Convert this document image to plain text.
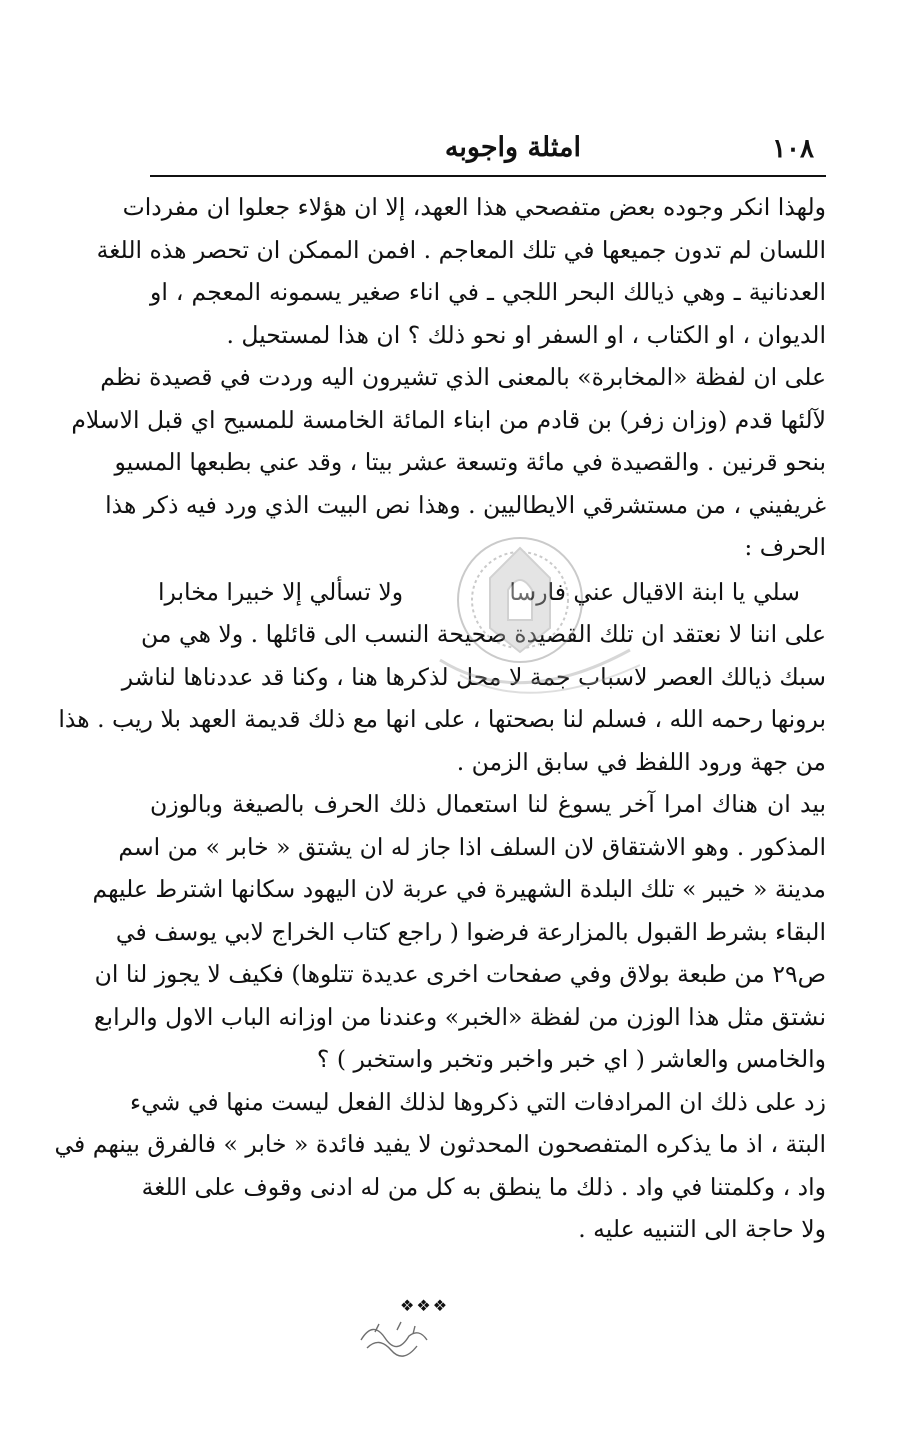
١٠٨
امثلة واجوبه

ولهذا انكر وجوده بعض متفصحي هذا العهد، إلا ان هؤلاء جعلوا ان مفردات
اللسان لم تدون جميعها في تلك المعاجم . افمن الممكن ان تحصر هذه اللغة
العدنانية ـ وهي ذيالك البحر اللجي ـ في اناء صغير يسمونه المعجم ، او
الديوان ، او الكتاب ، او السفر او نحو ذلك ؟ ان هذا لمستحيل .

على ان لفظة «المخابرة» بالمعنى الذي تشيرون اليه وردت في قصيدة نظم
لآلئها قدم (وزان زفر) بن قادم من ابناء المائة الخامسة للمسيح اي قبل الاسلام
بنحو قرنين . والقصيدة في مائة وتسعة عشر بيتا ، وقد عني بطبعها المسيو
غريفيني ، من مستشرقي الايطاليين . وهذا نص البيت الذي ورد فيه ذكر هذا
الحرف :

سلي يا ابنة الاقيال عني فارسا
ولا تسألي إلا خبيرا مخابرا

على اننا لا نعتقد ان تلك القصيدة صحيحة النسب الى قائلها . ولا هي من
سبك ذيالك العصر لاسباب جمة لا محل لذكرها هنا ، وكنا قد عددناها لناشر
برونها رحمه الله ، فسلم لنا بصحتها ، على انها مع ذلك قديمة العهد بلا ريب . هذا
من جهة ورود اللفظ في سابق الزمن .

بيد ان هناك امرا آخر يسوغ لنا استعمال ذلك الحرف بالصيغة وبالوزن
المذكور . وهو الاشتقاق لان السلف اذا جاز له ان يشتق « خابر » من اسم
مدينة « خيبر » تلك البلدة الشهيرة في عربة لان اليهود سكانها اشترط عليهم
البقاء بشرط القبول بالمزارعة فرضوا ( راجع كتاب الخراج لابي يوسف في
ص٢٩ من طبعة بولاق وفي صفحات اخرى عديدة تتلوها) فكيف لا يجوز لنا ان
نشتق مثل هذا الوزن من لفظة «الخبر» وعندنا من اوزانه الباب الاول والرابع
والخامس والعاشر ( اي خبر واخبر وتخبر واستخبر ) ؟

زد على ذلك ان المرادفات التي ذكروها لذلك الفعل ليست منها في شيء
البتة ، اذ ما يذكره المتفصحون المحدثون لا يفيد فائدة « خابر » فالفرق بينهم في
واد ، وكلمتنا في واد . ذلك ما ينطق به كل من له ادنى وقوف على اللغة
ولا حاجة الى التنبيه عليه .

❖❖❖
